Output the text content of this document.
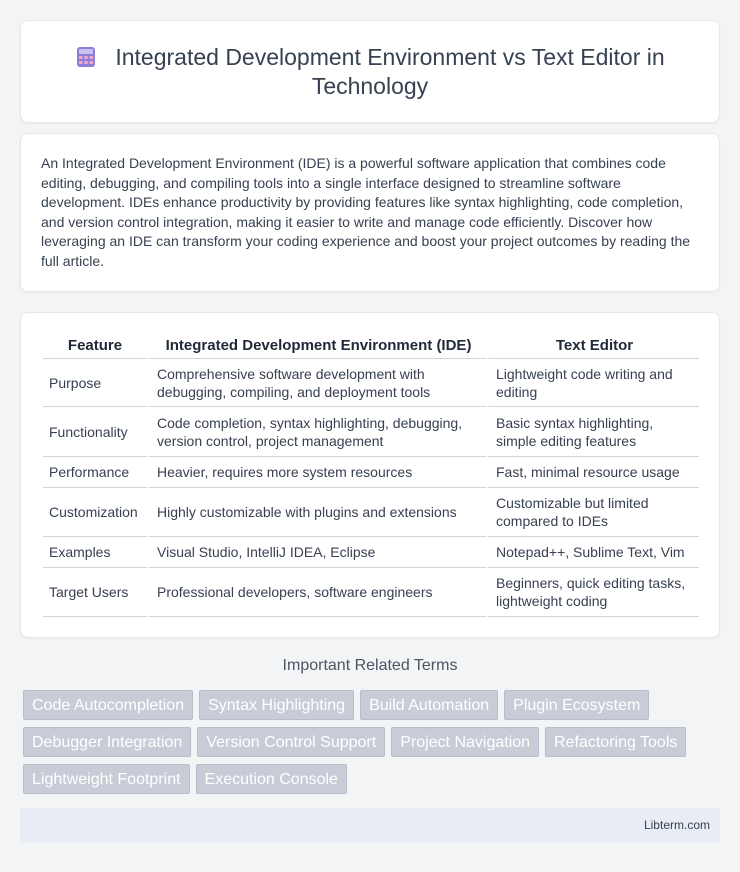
Integrated Development Environment vs Text Editor in Technology

An Integrated Development Environment (IDE) is a powerful software application that combines code editing, debugging, and compiling tools into a single interface designed to streamline software development. IDEs enhance productivity by providing features like syntax highlighting, code completion, and version control integration, making it easier to write and manage code efficiently. Discover how leveraging an IDE can transform your coding experience and boost your project outcomes by reading the full article.

Feature	Integrated Development Environment (IDE)	Text Editor
Purpose	Comprehensive software development with debugging, compiling, and deployment tools	Lightweight code writing and editing
Functionality	Code completion, syntax highlighting, debugging, version control, project management	Basic syntax highlighting, simple editing features
Performance	Heavier, requires more system resources	Fast, minimal resource usage
Customization	Highly customizable with plugins and extensions	Customizable but limited compared to IDEs
Examples	Visual Studio, IntelliJ IDEA, Eclipse	Notepad++, Sublime Text, Vim
Target Users	Professional developers, software engineers	Beginners, quick editing tasks, lightweight coding
Important Related Terms
Code Autocompletion	Syntax Highlighting	Build Automation	Plugin Ecosystem
Debugger Integration	Version Control Support	Project Navigation	Refactoring Tools
Lightweight Footprint	Execution Console
Libterm.com
